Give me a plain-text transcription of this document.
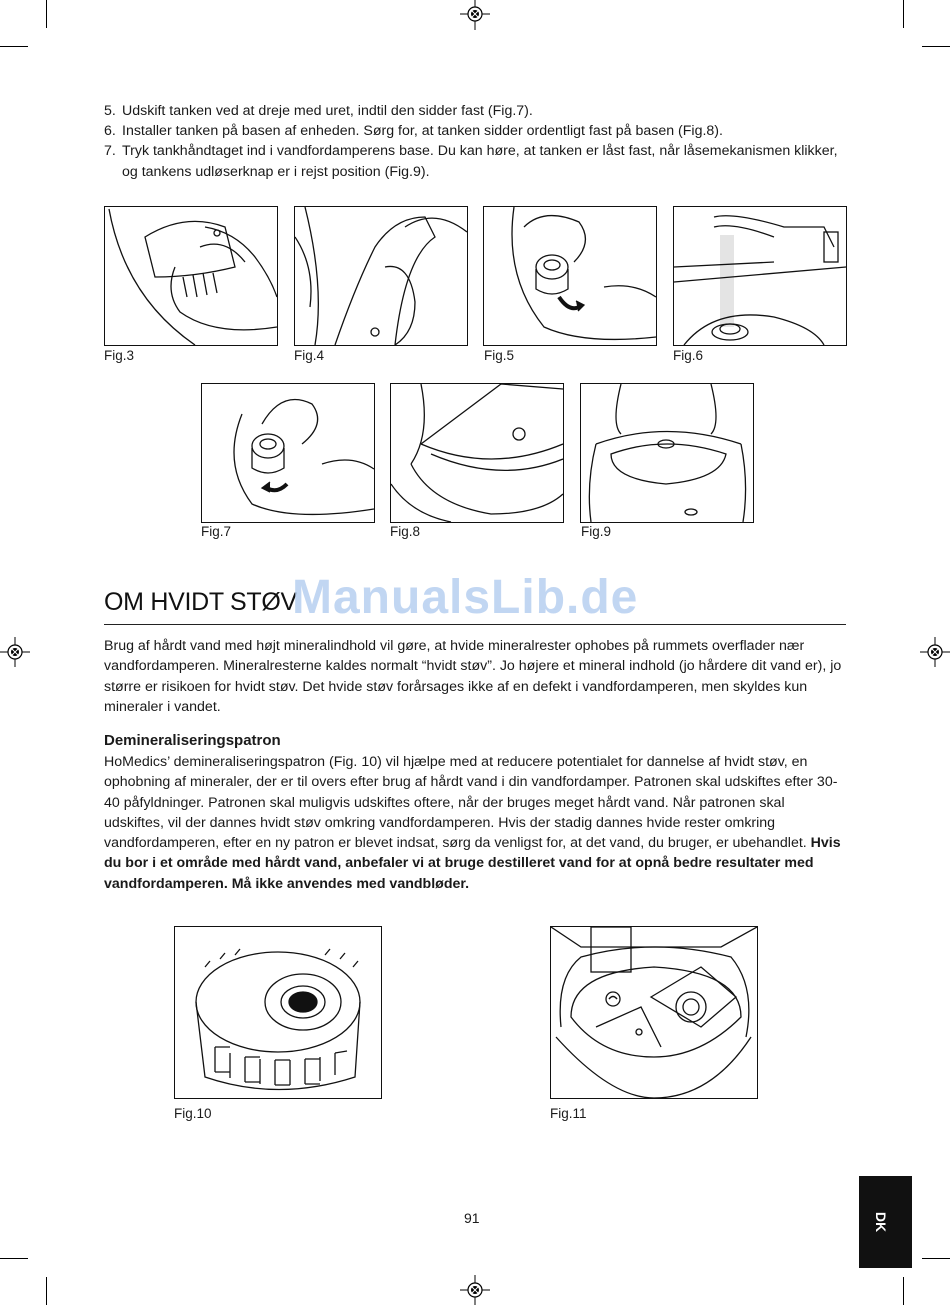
5. Udskift tanken ved at dreje med uret, indtil den sidder fast (Fig.7).
6. Installer tanken på basen af enheden. Sørg for, at tanken sidder ordentligt fast på basen (Fig.8).
7. Tryk tankhåndtaget ind i vandfordamperens base. Du kan høre, at tanken er låst fast, når låsemekanismen klikker, og tankens udløserknap er i rejst position (Fig.9).
Fig.3	Fig.4	Fig.5	Fig.6
Fig.7	Fig.8	Fig.9
OM HVIDT STØV
ManualsLib.de

Brug af hårdt vand med højt mineralindhold vil gøre, at hvide mineralrester ophobes på rummets overflader nær vandfordamperen. Mineralresterne kaldes normalt “hvidt støv”. Jo højere et mineral indhold (jo hårdere dit vand er), jo større er risikoen for hvidt støv. Det hvide støv forårsages ikke af en defekt i vandfordamperen, men skyldes kun mineraler i vandet.

Demineraliseringspatron

HoMedics’ demineraliseringspatron (Fig. 10) vil hjælpe med at reducere potentialet for dannelse af hvidt støv, en ophobning af mineraler, der er til overs efter brug af hårdt vand i din vandfordamper. Patronen skal udskiftes efter 30-40 påfyldninger. Patronen skal muligvis udskiftes oftere, når der bruges meget hårdt vand. Når patronen skal udskiftes, vil der dannes hvidt støv omkring vandfordamperen. Hvis der stadig dannes hvide rester omkring vandfordamperen, efter en ny patron er blevet indsat, sørg da venligst for, at det vand, du bruger, er ubehandlet. Hvis du bor i et område med hårdt vand, anbefaler vi at bruge destilleret vand for at opnå bedre resultater med vandfordamperen. Må ikke anvendes med vandbløder.

Fig.10	Fig.11
91	DK
